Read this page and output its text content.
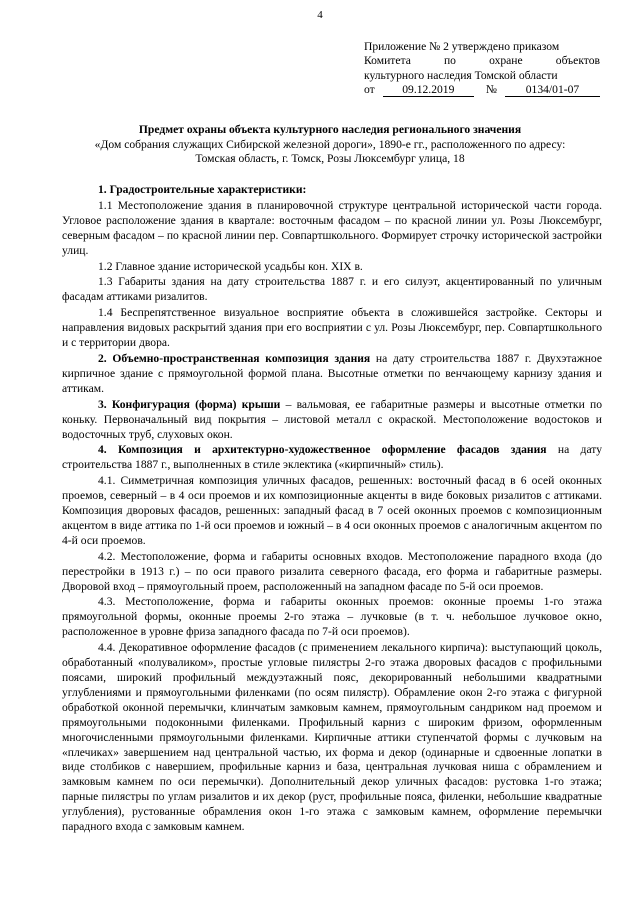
4
Приложение № 2 утверждено приказом
Комитета по охране объектов
культурного наследия Томской области
от	09.12.2019	№	0134/01-07
Предмет охраны объекта культурного наследия регионального значения
«Дом собрания служащих Сибирской железной дороги», 1890-е гг., расположенного по адресу:
Томская область, г. Томск, Розы Люксембург улица, 18

1. Градостроительные характеристики:

1.1 Местоположение здания в планировочной структуре центральной исторической части города. Угловое расположение здания в квартале: восточным фасадом – по красной линии ул. Розы Люксембург, северным фасадом – по красной линии пер. Совпартшкольного. Формирует строчку исторической застройки улиц.

1.2 Главное здание исторической усадьбы кон. XIX в.

1.3 Габариты здания на дату строительства 1887 г. и его силуэт, акцентированный по уличным фасадам аттиками ризалитов.

1.4 Беспрепятственное визуальное восприятие объекта в сложившейся застройке. Секторы и направления видовых раскрытий здания при его восприятии с ул. Розы Люксембург, пер. Совпартшкольного и с территории двора.

2. Объемно-пространственная композиция здания на дату строительства 1887 г. Двухэтажное кирпичное здание с прямоугольной формой плана. Высотные отметки по венчающему карнизу здания и аттикам.

3. Конфигурация (форма) крыши – вальмовая, ее габаритные размеры и высотные отметки по коньку. Первоначальный вид покрытия – листовой металл с окраской. Местоположение водостоков и водосточных труб, слуховых окон.

4. Композиция и архитектурно-художественное оформление фасадов здания на дату строительства 1887 г., выполненных в стиле эклектика («кирпичный» стиль).

4.1. Симметричная композиция уличных фасадов, решенных: восточный фасад в 6 осей оконных проемов, северный – в 4 оси проемов и их композиционные акценты в виде боковых ризалитов с аттиками. Композиция дворовых фасадов, решенных: западный фасад в 7 осей оконных проемов с композиционным акцентом в виде аттика по 1-й оси проемов и южный – в 4 оси оконных проемов с аналогичным акцентом по 4-й оси проемов.

4.2. Местоположение, форма и габариты основных входов. Местоположение парадного входа (до перестройки в 1913 г.) – по оси правого ризалита северного фасада, его форма и габаритные размеры. Дворовой вход – прямоугольный проем, расположенный на западном фасаде по 5-й оси проемов.

4.3. Местоположение, форма и габариты оконных проемов: оконные проемы 1-го этажа прямоугольной формы, оконные проемы 2-го этажа – лучковые (в т. ч. небольшое лучковое окно, расположенное в уровне фриза западного фасада по 7-й оси проемов).

4.4. Декоративное оформление фасадов (с применением лекального кирпича): выступающий цоколь, обработанный «полуваликом», простые угловые пилястры 2-го этажа дворовых фасадов с профильными поясами, широкий профильный междуэтажный пояс, декорированный небольшими квадратными углублениями и прямоугольными филенками (по осям пилястр). Обрамление окон 2-го этажа с фигурной обработкой оконной перемычки, клинчатым замковым камнем, прямоугольным сандриком над проемом и прямоугольными подоконными филенками. Профильный карниз с широким фризом, оформленным многочисленными прямоугольными филенками. Кирпичные аттики ступенчатой формы с лучковым на «плечиках» завершением над центральной частью, их форма и декор (одинарные и сдвоенные лопатки в виде столбиков с навершием, профильные карниз и база, центральная лучковая ниша с обрамлением и замковым камнем по оси перемычки). Дополнительный декор уличных фасадов: рустовка 1-го этажа; парные пилястры по углам ризалитов и их декор (руст, профильные пояса, филенки, небольшие квадратные углубления), рустованные обрамления окон 1-го этажа с замковым камнем, оформление перемычки парадного входа с замковым камнем.
